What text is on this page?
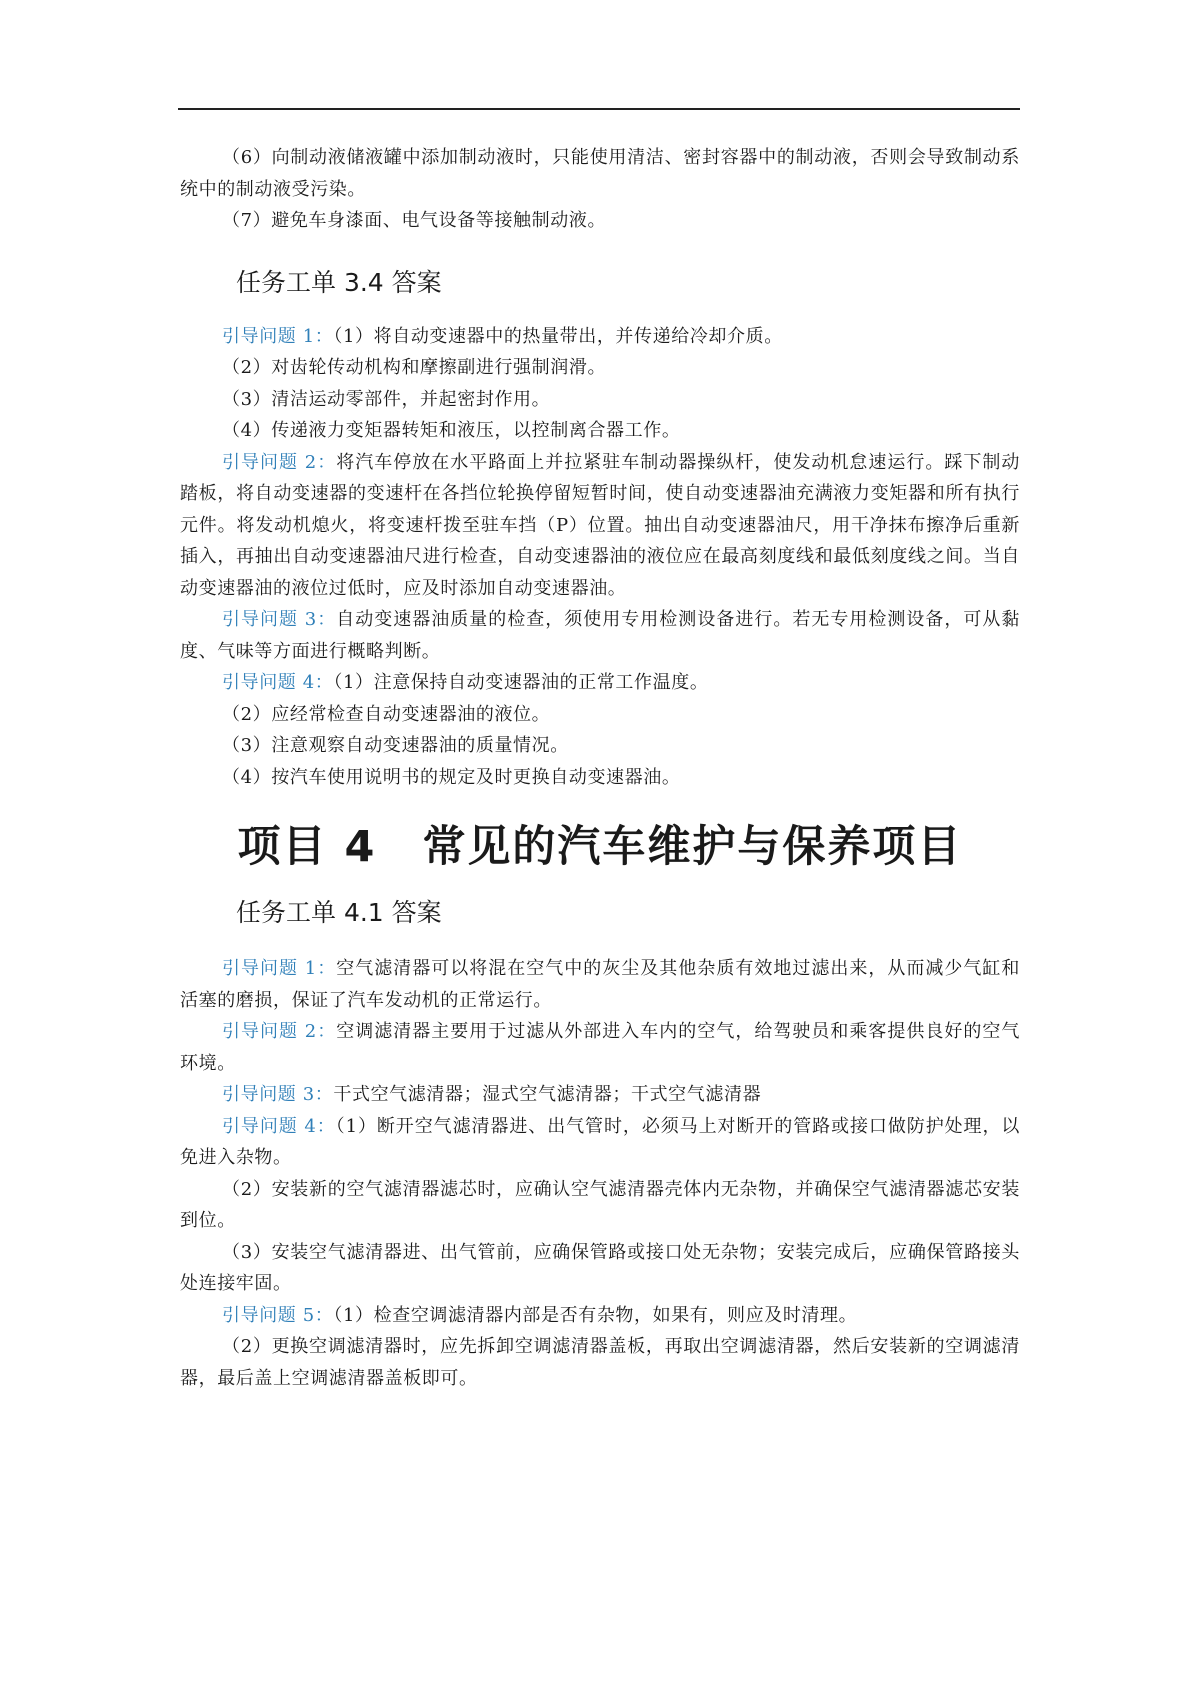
（6）向制动液储液罐中添加制动液时，只能使用清洁、密封容器中的制动液，否则会导致制动系统中的制动液受污染。

（7）避免车身漆面、电气设备等接触制动液。

任务工单 3.4 答案

引导问题 1：（1）将自动变速器中的热量带出，并传递给冷却介质。

（2）对齿轮传动机构和摩擦副进行强制润滑。

（3）清洁运动零部件，并起密封作用。

（4）传递液力变矩器转矩和液压，以控制离合器工作。

引导问题 2：将汽车停放在水平路面上并拉紧驻车制动器操纵杆，使发动机怠速运行。踩下制动踏板，将自动变速器的变速杆在各挡位轮换停留短暂时间，使自动变速器油充满液力变矩器和所有执行元件。将发动机熄火，将变速杆拨至驻车挡（P）位置。抽出自动变速器油尺，用干净抹布擦净后重新插入，再抽出自动变速器油尺进行检查，自动变速器油的液位应在最高刻度线和最低刻度线之间。当自动变速器油的液位过低时，应及时添加自动变速器油。

引导问题 3：自动变速器油质量的检查，须使用专用检测设备进行。若无专用检测设备，可从黏度、气味等方面进行概略判断。

引导问题 4：（1）注意保持自动变速器油的正常工作温度。

（2）应经常检查自动变速器油的液位。

（3）注意观察自动变速器油的质量情况。

（4）按汽车使用说明书的规定及时更换自动变速器油。

项目 4 常见的汽车维护与保养项目
任务工单 4.1 答案

引导问题 1：空气滤清器可以将混在空气中的灰尘及其他杂质有效地过滤出来，从而减少气缸和活塞的磨损，保证了汽车发动机的正常运行。

引导问题 2：空调滤清器主要用于过滤从外部进入车内的空气，给驾驶员和乘客提供良好的空气环境。

引导问题 3：干式空气滤清器；湿式空气滤清器；干式空气滤清器

引导问题 4：（1）断开空气滤清器进、出气管时，必须马上对断开的管路或接口做防护处理，以免进入杂物。

（2）安装新的空气滤清器滤芯时，应确认空气滤清器壳体内无杂物，并确保空气滤清器滤芯安装到位。

（3）安装空气滤清器进、出气管前，应确保管路或接口处无杂物；安装完成后，应确保管路接头处连接牢固。

引导问题 5：（1）检查空调滤清器内部是否有杂物，如果有，则应及时清理。

（2）更换空调滤清器时，应先拆卸空调滤清器盖板，再取出空调滤清器，然后安装新的空调滤清器，最后盖上空调滤清器盖板即可。
